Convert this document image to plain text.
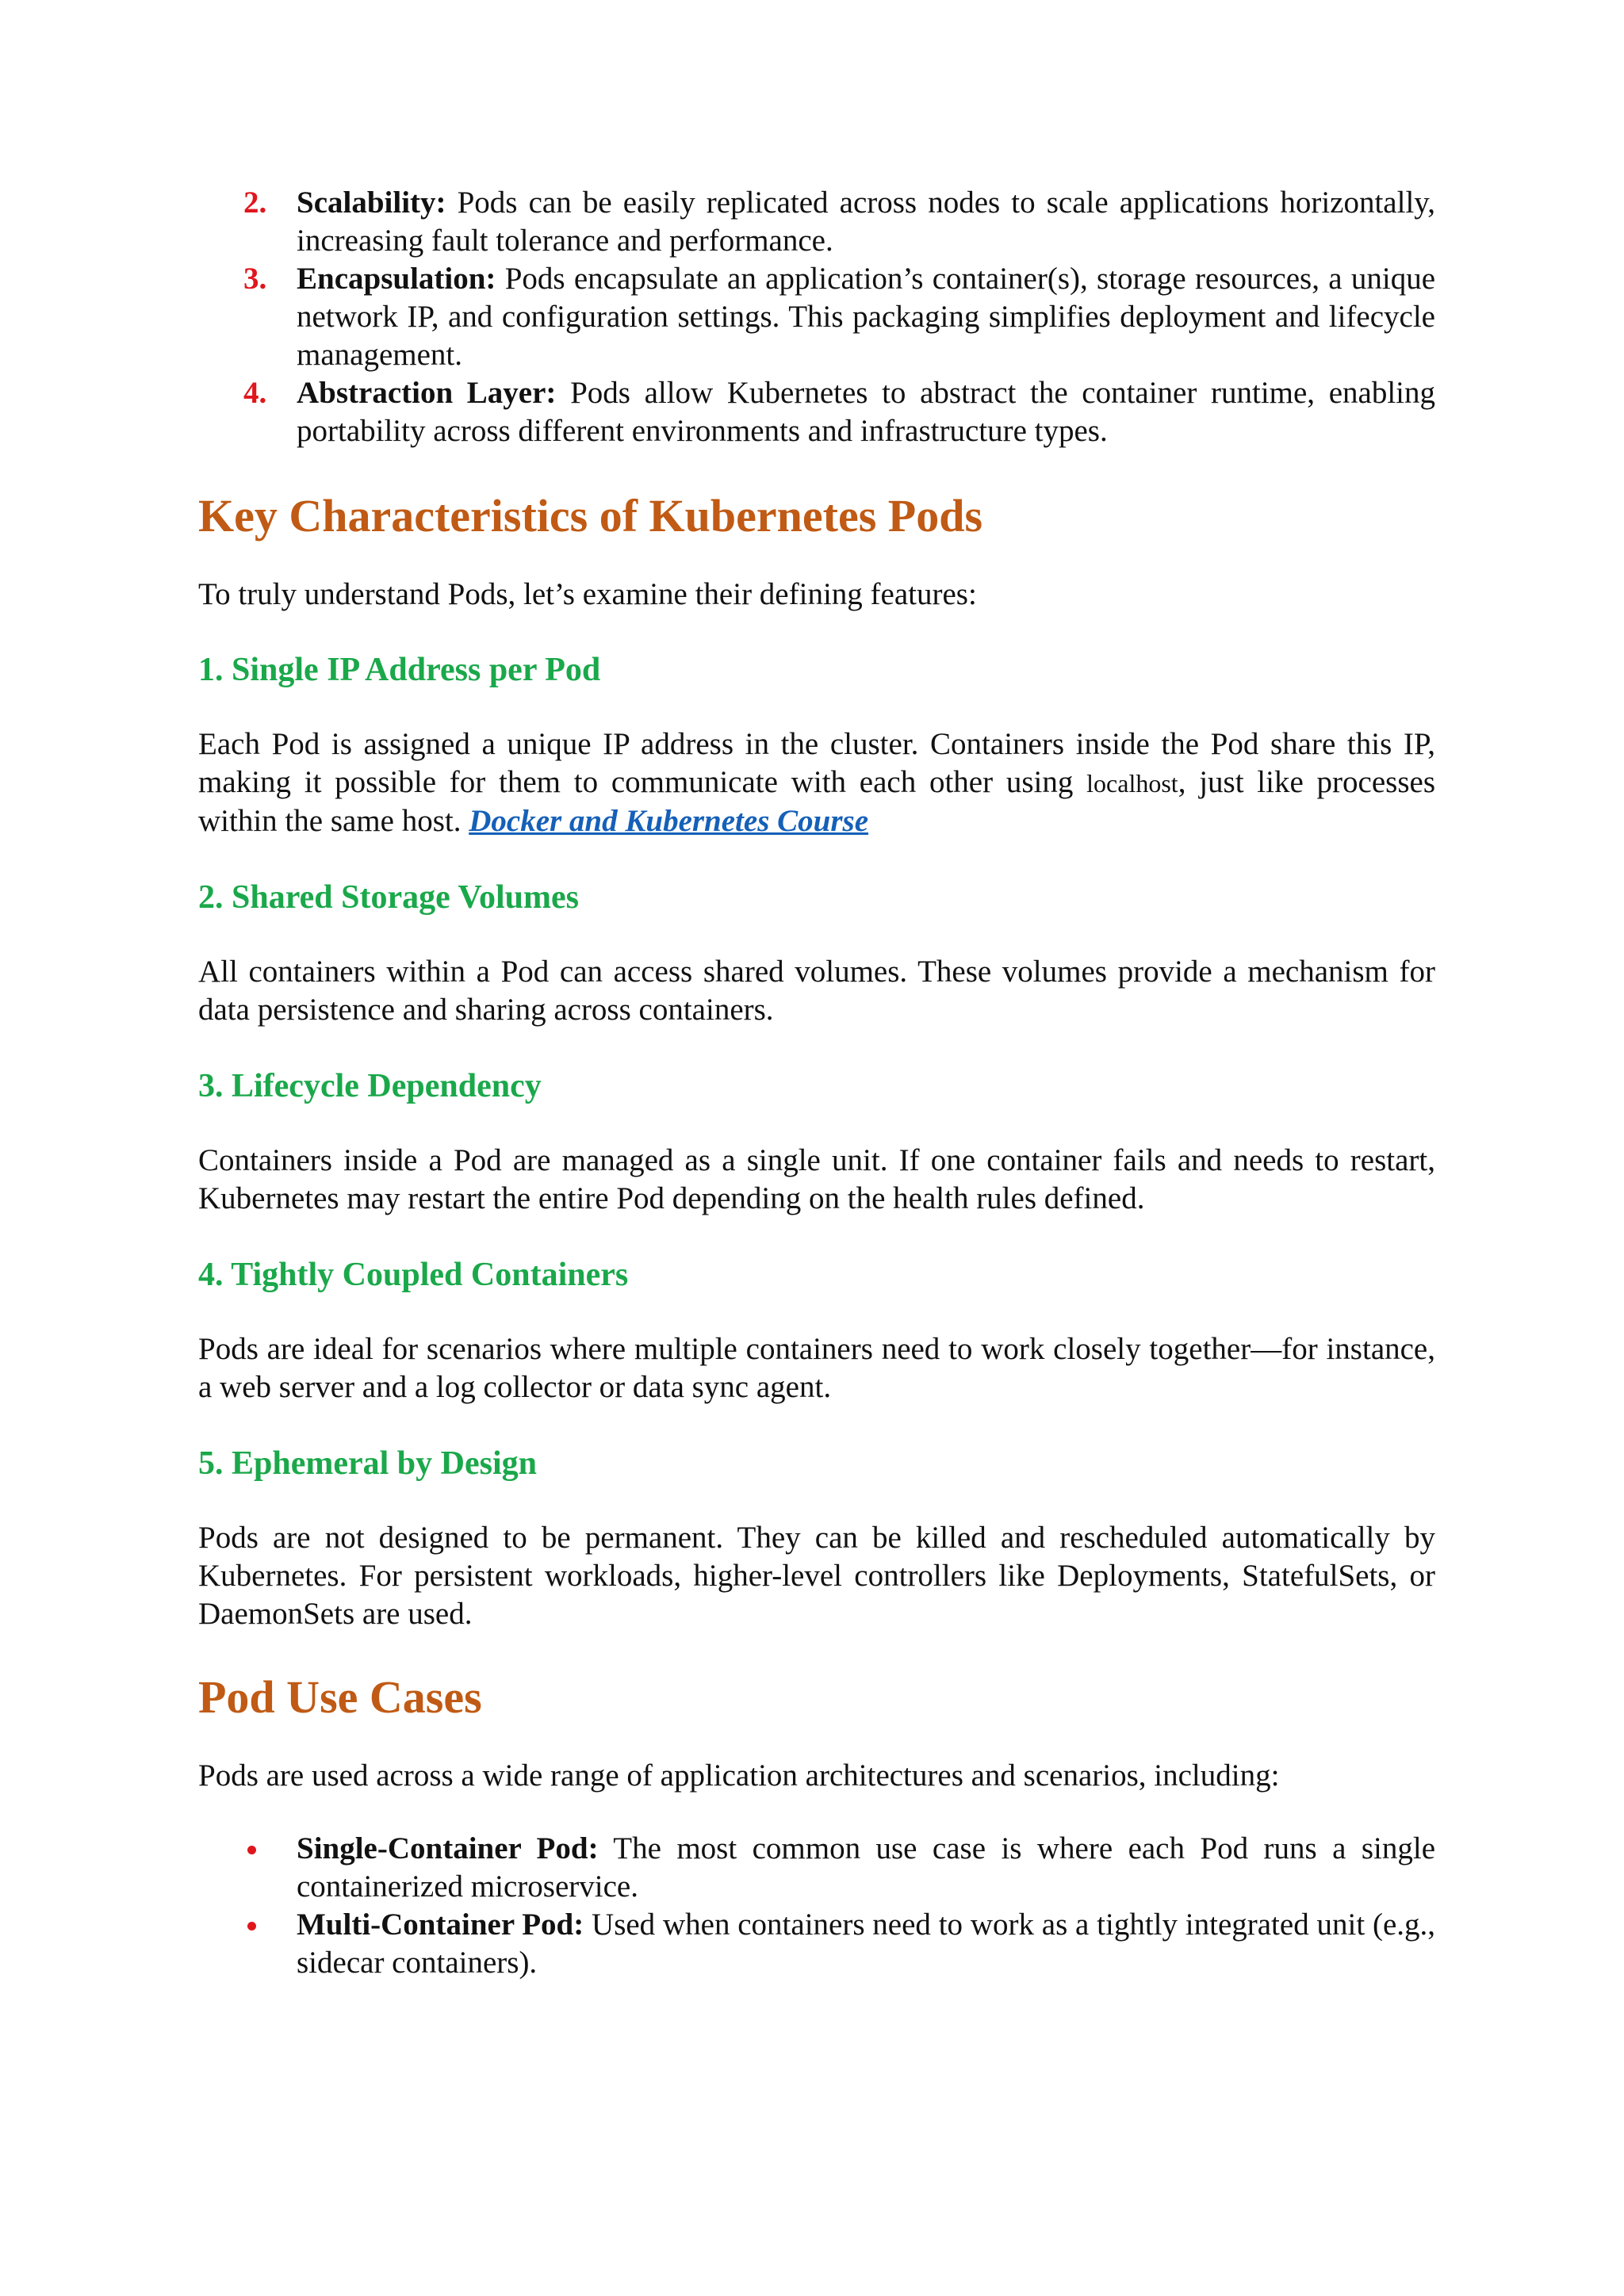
2. Scalability: Pods can be easily replicated across nodes to scale applications horizontally, increasing fault tolerance and performance.
3. Encapsulation: Pods encapsulate an application’s container(s), storage resources, a unique network IP, and configuration settings. This packaging simplifies deployment and lifecycle management.
4. Abstraction Layer: Pods allow Kubernetes to abstract the container runtime, enabling portability across different environments and infrastructure types.
Key Characteristics of Kubernetes Pods

To truly understand Pods, let’s examine their defining features:

1. Single IP Address per Pod

Each Pod is assigned a unique IP address in the cluster. Containers inside the Pod share this IP, making it possible for them to communicate with each other using localhost, just like processes within the same host. Docker and Kubernetes Course

2. Shared Storage Volumes

All containers within a Pod can access shared volumes. These volumes provide a mechanism for data persistence and sharing across containers.

3. Lifecycle Dependency

Containers inside a Pod are managed as a single unit. If one container fails and needs to restart, Kubernetes may restart the entire Pod depending on the health rules defined.

4. Tightly Coupled Containers

Pods are ideal for scenarios where multiple containers need to work closely together—for instance, a web server and a log collector or data sync agent.

5. Ephemeral by Design

Pods are not designed to be permanent. They can be killed and rescheduled automatically by Kubernetes. For persistent workloads, higher-level controllers like Deployments, StatefulSets, or DaemonSets are used.

Pod Use Cases

Pods are used across a wide range of application architectures and scenarios, including:

Single-Container Pod: The most common use case is where each Pod runs a single containerized microservice.
Multi-Container Pod: Used when containers need to work as a tightly integrated unit (e.g., sidecar containers).
